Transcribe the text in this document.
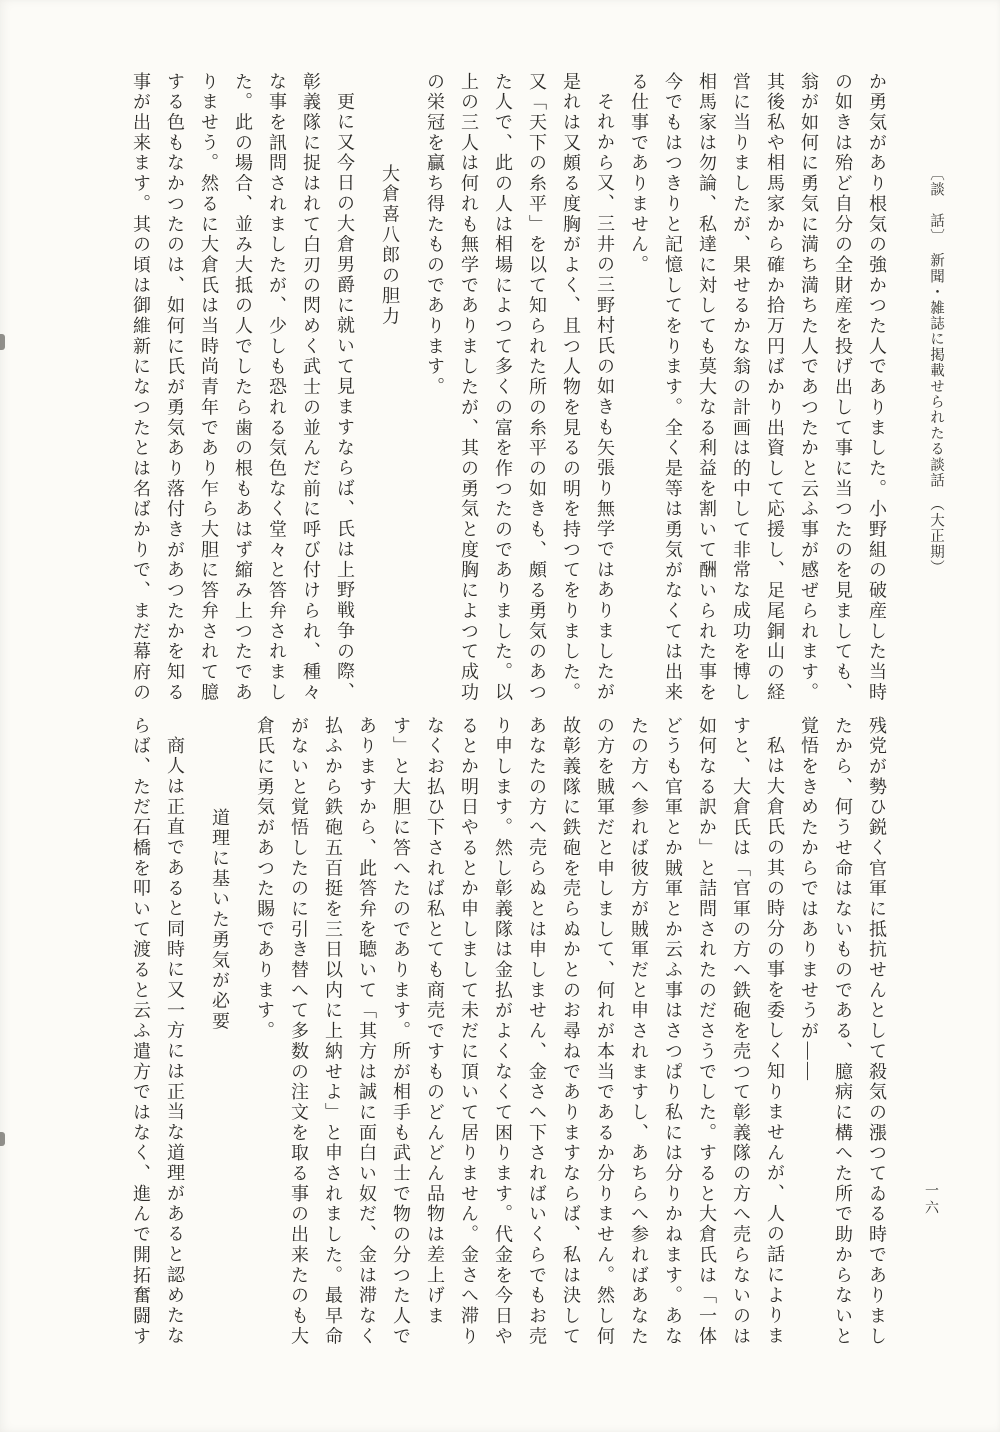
〔談　話〕　新聞・雑誌に掲載せられたる談話　（大正期）
一六

か勇気があり根気の強かつた人でありました。小野組の破産した当時の如きは殆ど自分の全財産を投げ出して事に当つたのを見ましても、翁が如何に勇気に満ち満ちた人であつたかと云ふ事が感ぜられます。其後私や相馬家から確か拾万円ばかり出資して応援し、足尾銅山の経営に当りましたが、果せるかな翁の計画は的中して非常な成功を博し相馬家は勿論、私達に対しても莫大なる利益を割いて酬いられた事を今でもはつきりと記憶してをります。全く是等は勇気がなくては出来る仕事でありません。

それから又、三井の三野村氏の如きも矢張り無学ではありましたが是れは又頗る度胸がよく、且つ人物を見るの明を持つてをりました。又「天下の糸平」を以て知られた所の糸平の如きも、頗る勇気のあつた人で、此の人は相場によつて多くの富を作つたのでありました。以上の三人は何れも無学でありましたが、其の勇気と度胸によつて成功の栄冠を贏ち得たものであります。

大倉喜八郎の胆力

更に又今日の大倉男爵に就いて見ますならば、氏は上野戦争の際、彰義隊に捉はれて白刃の閃めく武士の並んだ前に呼び付けられ、種々な事を訊問されましたが、少しも恐れる気色なく堂々と答弁されました。此の場合、並み大抵の人でしたら歯の根もあはず縮み上つたでありませう。然るに大倉氏は当時尚青年であり乍ら大胆に答弁されて臆する色もなかつたのは、如何に氏が勇気あり落付きがあつたかを知る事が出来ます。其の頃は御維新になつたとは名ばかりで、まだ幕府の

残党が勢ひ鋭く官軍に抵抗せんとして殺気の漲つてゐる時でありましたから、何うせ命はないものである、臆病に構へた所で助からないと覚悟をきめたからではありませうが――

私は大倉氏の其の時分の事を委しく知りませんが、人の話によりますと、大倉氏は「官軍の方へ鉄砲を売つて彰義隊の方へ売らないのは如何なる訳か」と詰問されたのださうでした。すると大倉氏は「一体どうも官軍とか賊軍とか云ふ事はさつぱり私には分りかねます。あなたの方へ参れば彼方が賊軍だと申されますし、あちらへ参ればあなたの方を賊軍だと申しまして、何れが本当であるか分りません。然し何故彰義隊に鉄砲を売らぬかとのお尋ねでありますならば、私は決してあなたの方へ売らぬとは申しません、金さへ下さればいくらでもお売り申します。然し彰義隊は金払がよくなくて困ります。代金を今日やるとか明日やるとか申しまして未だに頂いて居りません。金さへ滞りなくお払ひ下されば私とても商売ですものどんどん品物は差上げます」と大胆に答へたのであります。所が相手も武士で物の分つた人でありますから、此答弁を聴いて「其方は誠に面白い奴だ、金は滞なく払ふから鉄砲五百挺を三日以内に上納せよ」と申されました。最早命がないと覚悟したのに引き替へて多数の注文を取る事の出来たのも大倉氏に勇気があつた賜であります。

道理に基いた勇気が必要

商人は正直であると同時に又一方には正当な道理があると認めたならば、ただ石橋を叩いて渡ると云ふ遣方ではなく、進んで開拓奮闘す
